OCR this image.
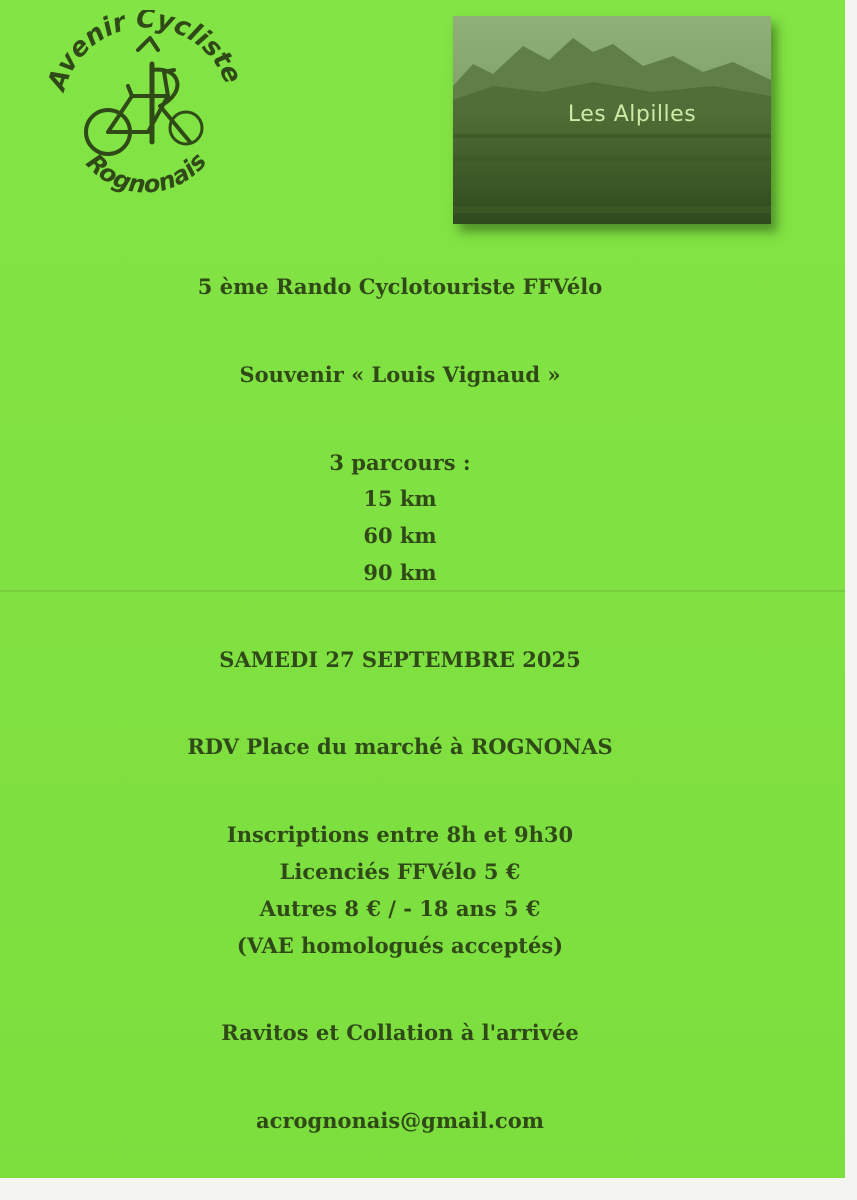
Avenir Cycliste
Rognonais
Les Alpilles
5 ème Rando Cyclotouriste FFVélo
Souvenir « Louis Vignaud »
3 parcours :
15 km
60 km
90 km
SAMEDI 27 SEPTEMBRE 2025
RDV Place du marché à ROGNONAS
Inscriptions entre 8h et 9h30
Licenciés FFVélo 5 €
Autres 8 € / - 18 ans 5 €
(VAE homologués acceptés)
Ravitos et Collation à l'arrivée
acrognonais@gmail.com
